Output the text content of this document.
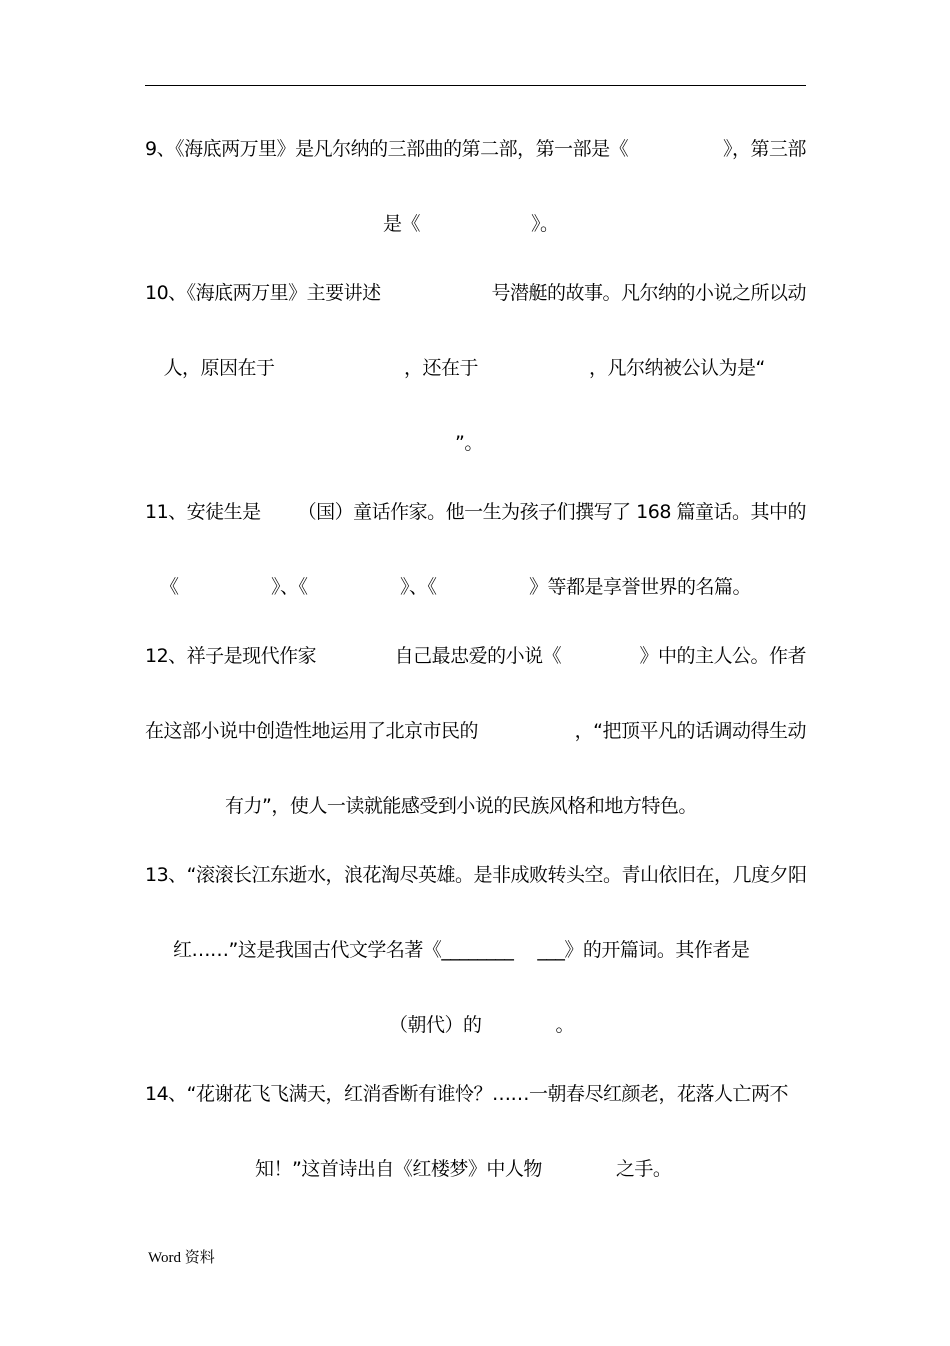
9、《海底两万里》是凡尔纳的三部曲的第二部，第一部是《	》，第三部
是《　　　　　　》。
10、《海底两万里》主要讲述	号潜艇的故事。凡尔纳的小说之所以动
　人，原因在于　　　　　　　，还在于　　　　　　，凡尔纳被公认为是“
”。
11、安徒生是 （国）童话作家。他一生为孩子们撰写了 168 篇童话。其中的
《　　　　　》、《　　　　　》、《　　　　　》等都是享誉世界的名篇。
12、祥子是现代作家	自己最忠爱的小说《	》中的主人公。作者
在这部小说中创造性地运用了北京市民的	，“把顶平凡的话调动得生动
有力”，使人一读就能感受到小说的民族风格和地方特色。
13、“滚滚长江东逝水，浪花淘尽英雄。是非成败转头空。青山依旧在，几度夕阳
红……”这是我国古代文学名著《________　 ___》的开篇词。其作者是
（朝代）的　　　　。
14、“花谢花飞飞满天，红消香断有谁怜？……一朝春尽红颜老，花落人亡两不
知！”这首诗出自《红楼梦》中人物　　　　之手。
Word 资料
